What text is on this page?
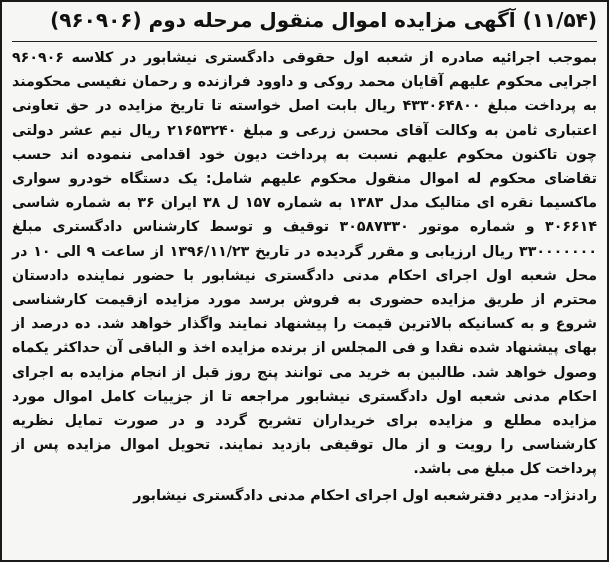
(۱۱/۵۴) آگهی مزایده اموال منقول مرحله دوم (۹۶۰۹۰۶)
بموجب اجرائیه صادره از شعبه اول حقوقی دادگستری نیشابور در کلاسه ۹۶۰۹۰۶ اجرایی محکوم علیهم آقایان محمد روکی و داوود فرازنده و رحمان نفیسی محکومند به پرداخت مبلغ ۴۳۳۰۶۴۸۰۰ ریال بابت اصل خواسته تا تاریخ مزایده در حق تعاونی اعتباری ثامن به وکالت آقای محسن زرعی و مبلغ ۲۱۶۵۳۲۴۰ ریال نیم عشر دولتی چون تاکنون محکوم علیهم نسبت به پرداخت دیون خود اقدامی ننموده اند حسب تقاضای محکوم له اموال منقول محکوم علیهم شامل: یک دستگاه خودرو سواری ماکسیما نقره ای متالیک مدل ۱۳۸۳ به شماره ۱۵۷ ل ۳۸ ایران ۳۶ به شماره شاسی ۳۰۶۶۱۴ و شماره موتور ۳۰۵۸۷۳۳۰ توقیف و توسط کارشناس دادگستری مبلغ ۳۳۰۰۰۰۰۰۰ ریال ارزیابی و مقرر گردیده در تاریخ ۱۳۹۶/۱۱/۲۳ از ساعت ۹ الی ۱۰ در محل شعبه اول اجرای احکام مدنی دادگستری نیشابور با حضور نماینده دادستان محترم از طریق مزایده حضوری به فروش برسد مورد مزایده ازقیمت کارشناسی شروع و به کسانیکه بالاترین قیمت را پیشنهاد نمایند واگذار خواهد شد. ده درصد از بهای پیشنهاد شده نقدا و فی المجلس از برنده مزایده اخذ و الباقی آن حداکثر یکماه وصول خواهد شد. طالبین به خرید می توانند پنج روز قبل از انجام مزایده به اجرای احکام مدنی شعبه اول دادگستری نیشابور مراجعه تا از جزییات کامل اموال مورد مزایده مطلع و مزایده برای خریداران تشریح گردد و در صورت تمایل نظریه کارشناسی را رویت و از مال توقیفی بازدید نمایند. تحویل اموال مزایده پس از پرداخت کل مبلغ می باشد.
رادنژاد- مدیر دفترشعبه اول اجرای احکام مدنی دادگستری نیشابور
